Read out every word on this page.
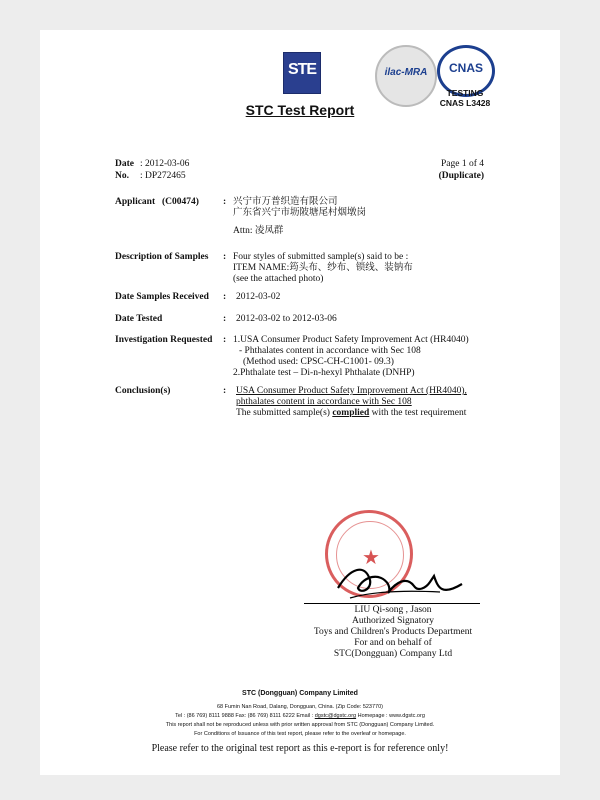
STE
STC Test Report
ilac-MRA	CNAS
TESTING
CNAS L3428
Date : 2012-03-06
No. : DP272465
Page 1 of 4
(Duplicate)
Applicant (C00474)	: 兴宁市万普织造有限公司
广东省兴宁市坜陂塘尾村烟墩岗
Attn: 凌凤群
Description of Samples : Four styles of submitted sample(s) said to be :
ITEM NAME:筠头布、纱布、锁线、装钠布
(see the attached photo)
Date Samples Received : 2012-03-02
Date Tested	: 2012-03-02 to 2012-03-06
Investigation Requested : 1.USA Consumer Product Safety Improvement Act (HR4040)
- Phthalates content in accordance with Sec 108
(Method used: CPSC-CH-C1001- 09.3)
2.Phthalate test – Di-n-hexyl Phthalate (DNHP)
Conclusion(s)	: USA Consumer Product Safety Improvement Act (HR4040),
phthalates content in accordance with Sec 108
The submitted sample(s) complied with the test requirement
★
LIU Qi-song , Jason
Authorized Signatory
Toys and Children's Products Department
For and on behalf of
STC(Dongguan) Company Ltd
STC (Dongguan) Company Limited
68 Fumin Nan Road, Dalang, Dongguan, China. (Zip Code: 523770)
Tel : (86 769) 8111 9888 Fax: (86 769) 8111 6222 Email : dgstc@dgstc.org Homepage : www.dgstc.org
This report shall not be reproduced unless with prior written approval from STC (Dongguan) Company Limited.
For Conditions of Issuance of this test report, please refer to the overleaf or homepage.
Please refer to the original test report as this e-report is for reference only!
